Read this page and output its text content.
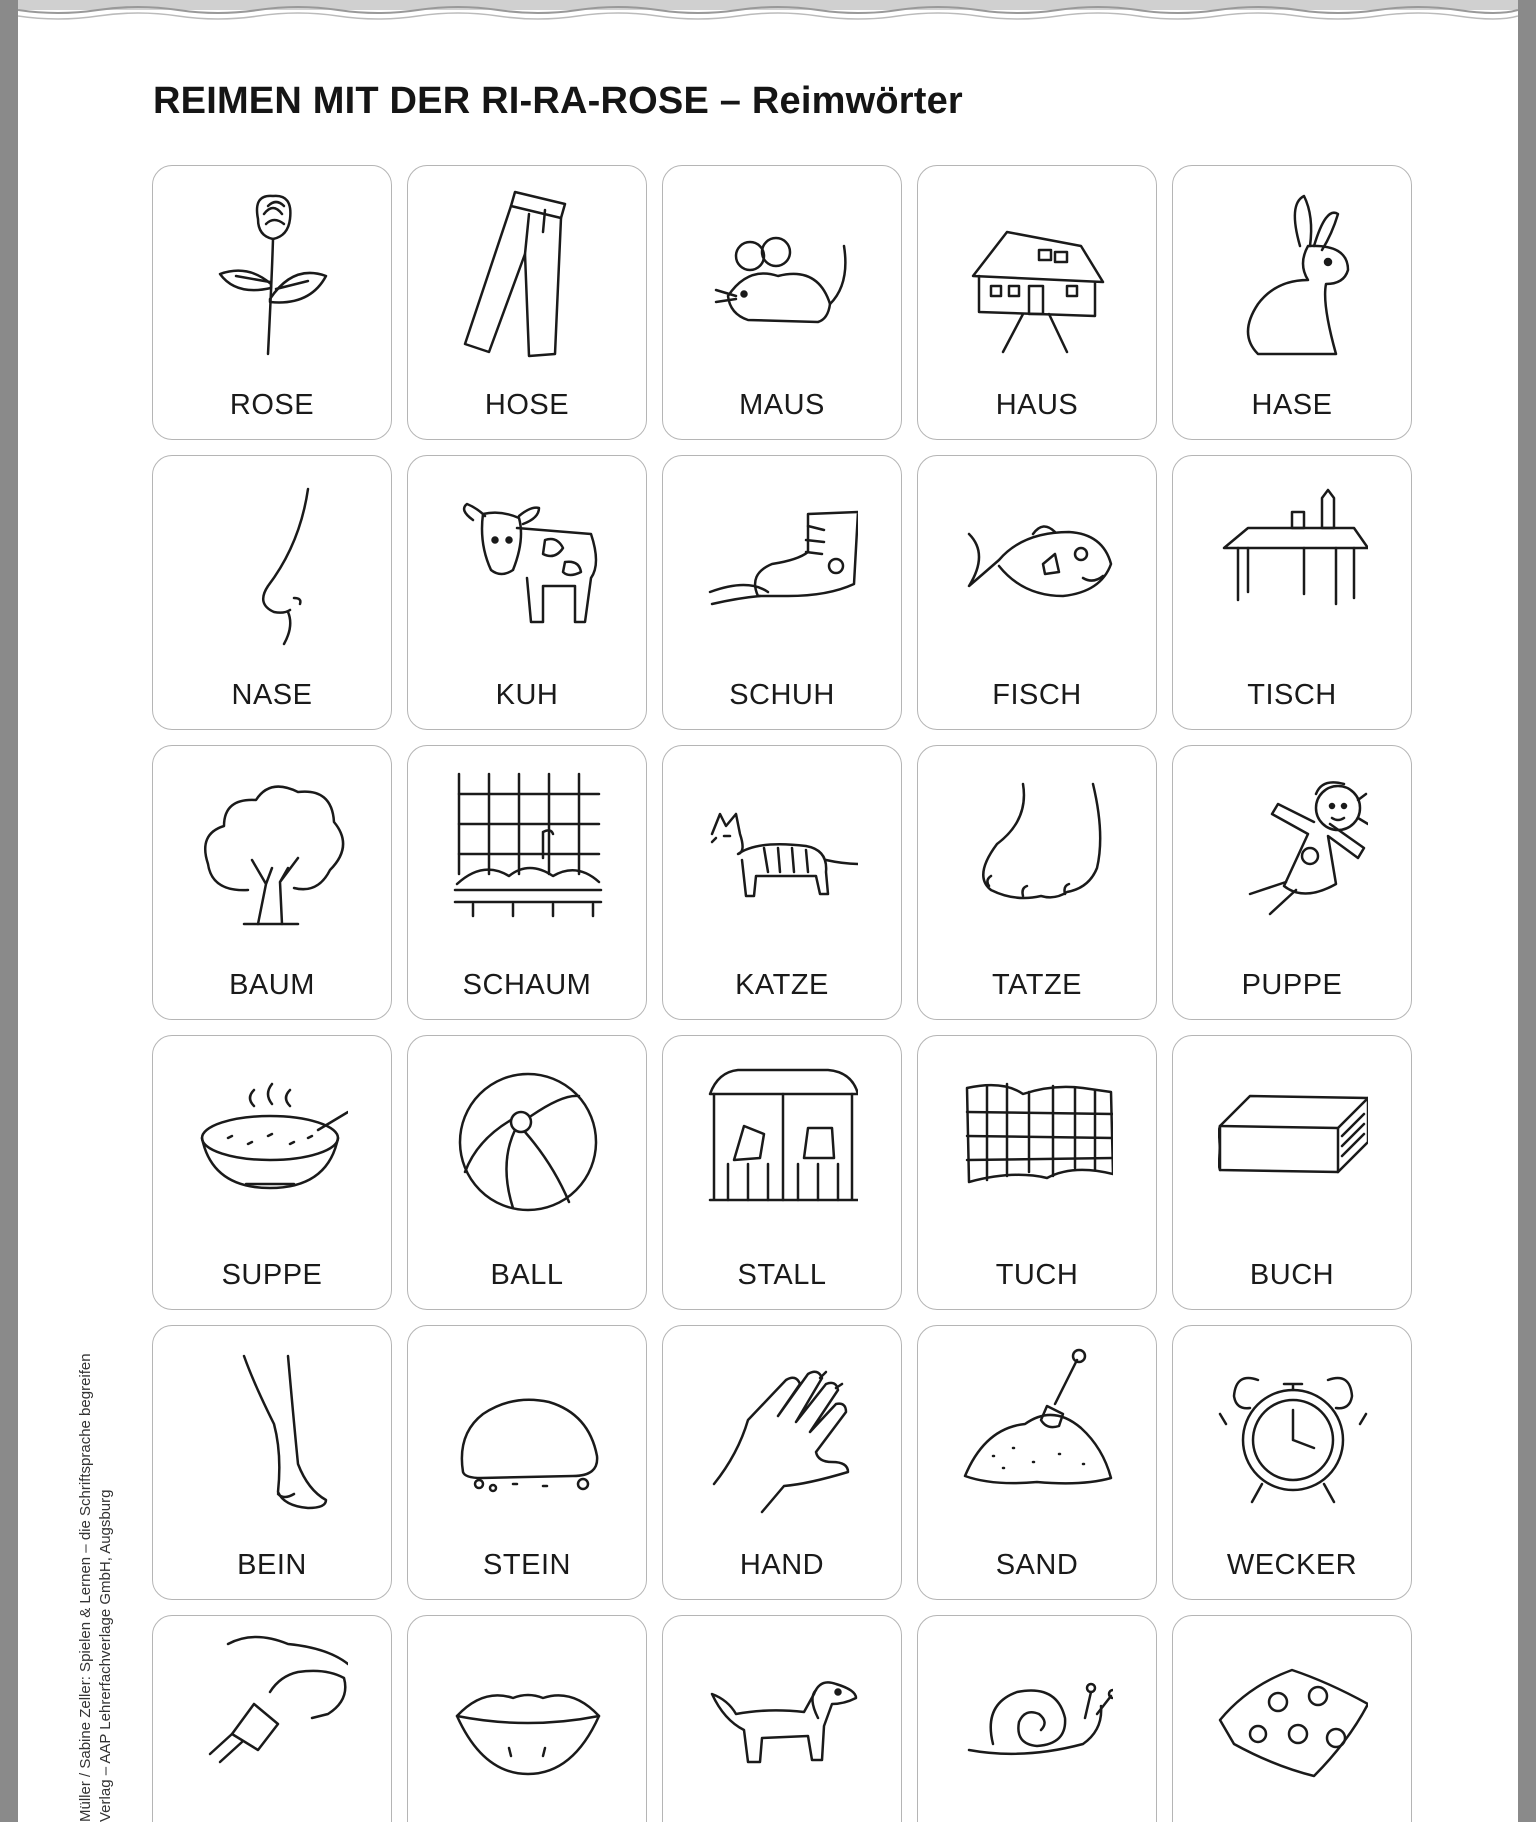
REIMEN MIT DER RI-RA-ROSE – Reimwörter
ROSE	HOSE	MAUS	HAUS	HASE
NASE	KUH	SCHUH	FISCH	TISCH
BAUM	SCHAUM	KATZE	TATZE	PUPPE
SUPPE	BALL	STALL	TUCH	BUCH
BEIN	STEIN	HAND	SAND	WECKER
Müller / Sabine Zeller: Spielen & Lernen – die Schriftsprache begreifen Verlag – AAP Lehrerfachverlage GmbH, Augsburg
